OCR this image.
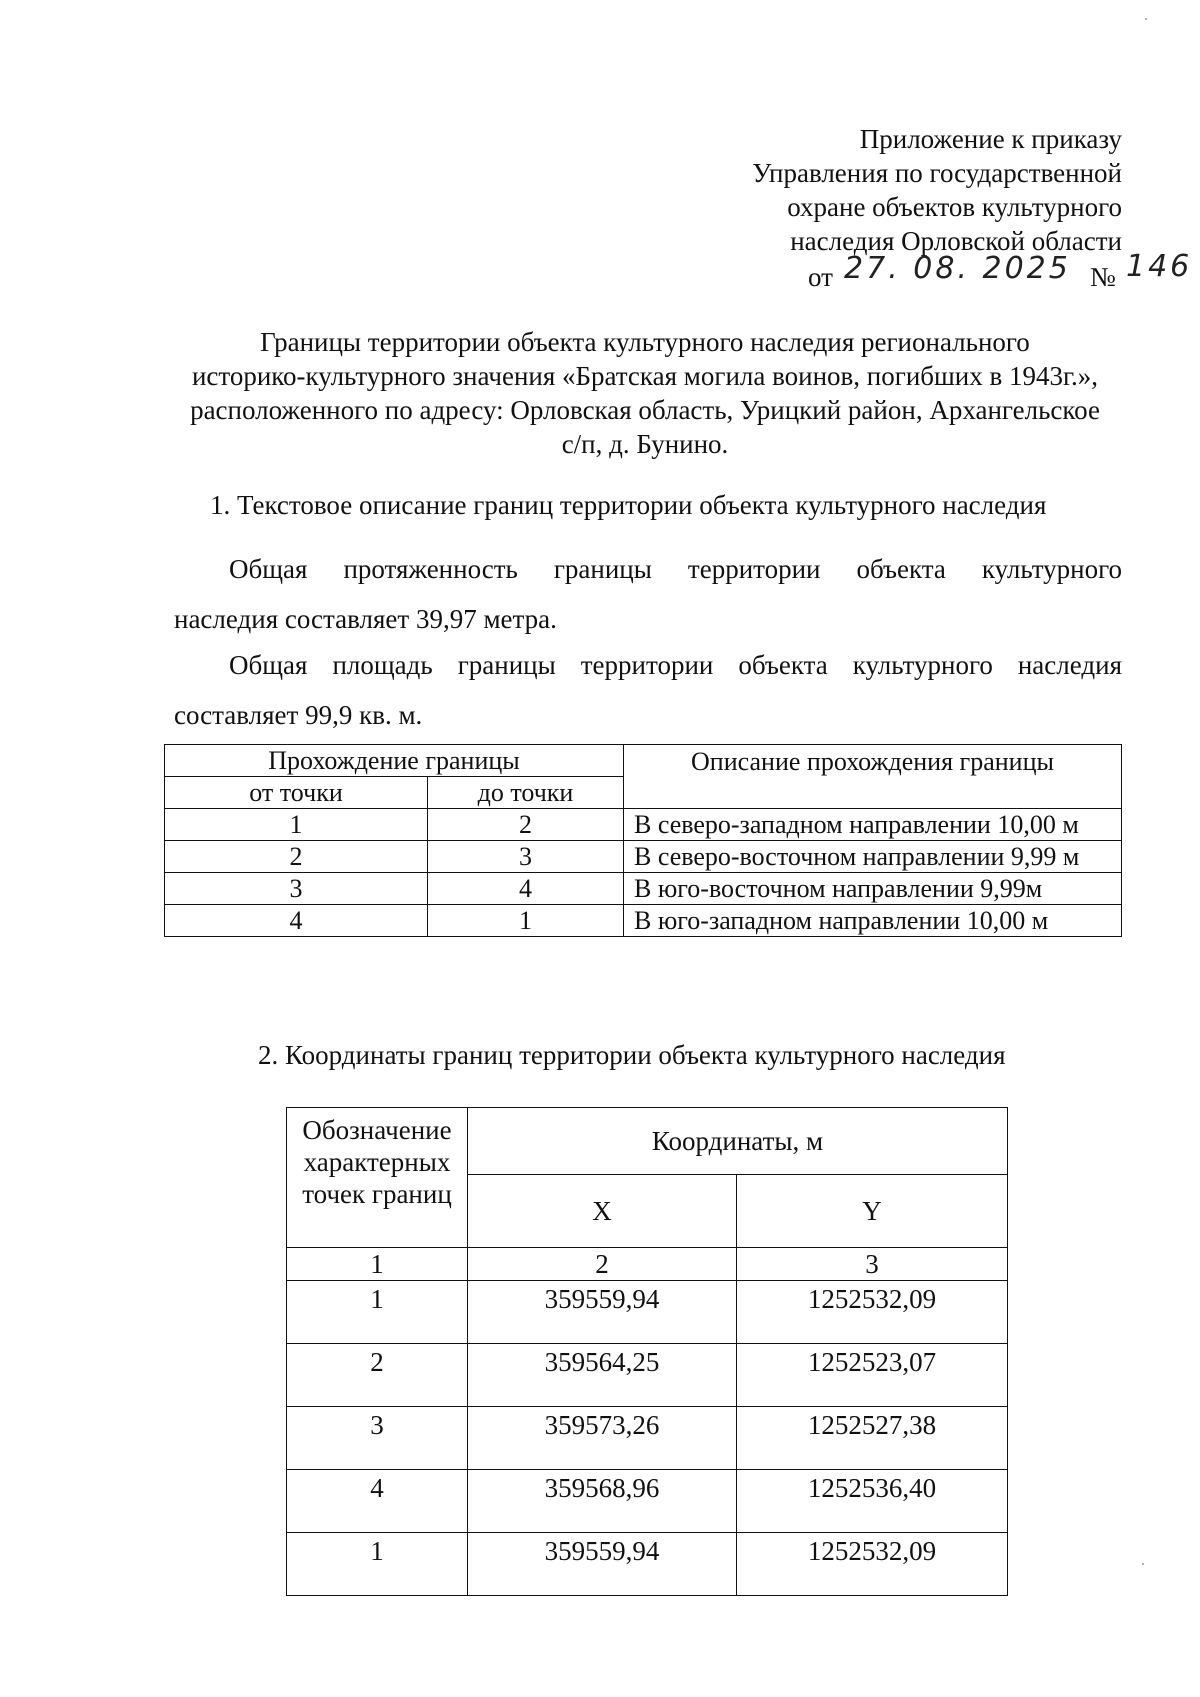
Приложение к приказу
Управления по государственной
охране объектов культурного
наследия Орловской области
от 27. 08. 2025 № 146
Границы территории объекта культурного наследия регионального
историко-культурного значения «Братская могила воинов, погибших в 1943г.»,
расположенного по адресу: Орловская область, Урицкий район, Архангельское
с/п, д. Бунино.
1. Текстовое описание границ территории объекта культурного наследия
Общая протяженность границы территории объекта культурного
наследия составляет 39,97 метра.
Общая площадь границы территории объекта культурного наследия
составляет 99,9 кв. м.
Прохождение границы		Описание прохождения границы
от точки	до точки	
1	2	В северо-западном направлении 10,00 м
2	3	В северо-восточном направлении 9,99 м
3	4	В юго-восточном направлении 9,99м
4	1	В юго-западном направлении 10,00 м
2. Координаты границ территории объекта культурного наследия
Обозначение характерных точек границ	Координаты, м	
	X	Y
1	2	3
1	359559,94	1252532,09
2	359564,25	1252523,07
3	359573,26	1252527,38
4	359568,96	1252536,40
1	359559,94	1252532,09
